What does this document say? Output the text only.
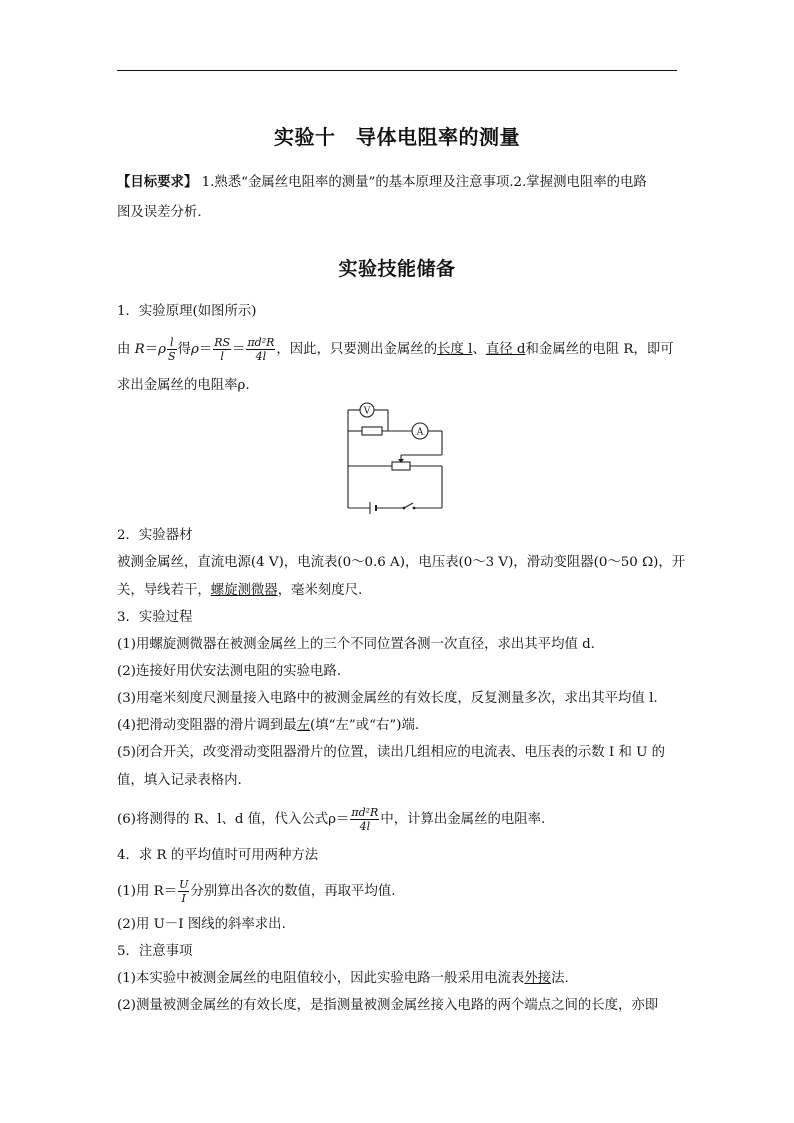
实验十　导体电阻率的测量
【目标要求】 1.熟悉“金属丝电阻率的测量”的基本原理及注意事项.2.掌握测电阻率的电路
图及误差分析.
实验技能储备
1．实验原理(如图所示)
由 $R=\rho \frac{l}{S}$ 得$\rho= \frac{RS}{l} = \frac{\text{πd²R}}{4l}$ ，因此，只要测出金属丝的长度 l、直径 d和金属丝的电阻 R，即可
求出金属丝的电阻率ρ.
V
A
2．实验器材
被测金属丝，直流电源(4 V)，电流表(0～0.6 A)，电压表(0～3 V)，滑动变阻器(0～50 Ω)，开
关，导线若干，螺旋测微器，毫米刻度尺.
3．实验过程
(1)用螺旋测微器在被测金属丝上的三个不同位置各测一次直径，求出其平均值 d.
(2)连接好用伏安法测电阻的实验电路.
(3)用毫米刻度尺测量接入电路中的被测金属丝的有效长度，反复测量多次，求出其平均值 l.
(4)把滑动变阻器的滑片调到最左(填“左”或“右”)端.
(5)闭合开关，改变滑动变阻器滑片的位置，读出几组相应的电流表、电压表的示数 I 和 U 的
值，填入记录表格内.
(6)将测得的 R、l、d 值，代入公式$\rho= \frac{\text{πd²R}}{4l}$ 中，计算出金属丝的电阻率.
4．求 R 的平均值时可用两种方法
(1)用 $R= \frac{U}{I}$ 分别算出各次的数值，再取平均值.
(2)用 U－I 图线的斜率求出.
5．注意事项
(1)本实验中被测金属丝的电阻值较小，因此实验电路一般采用电流表外接法.
(2)测量被测金属丝的有效长度，是指测量被测金属丝接入电路的两个端点之间的长度，亦即
